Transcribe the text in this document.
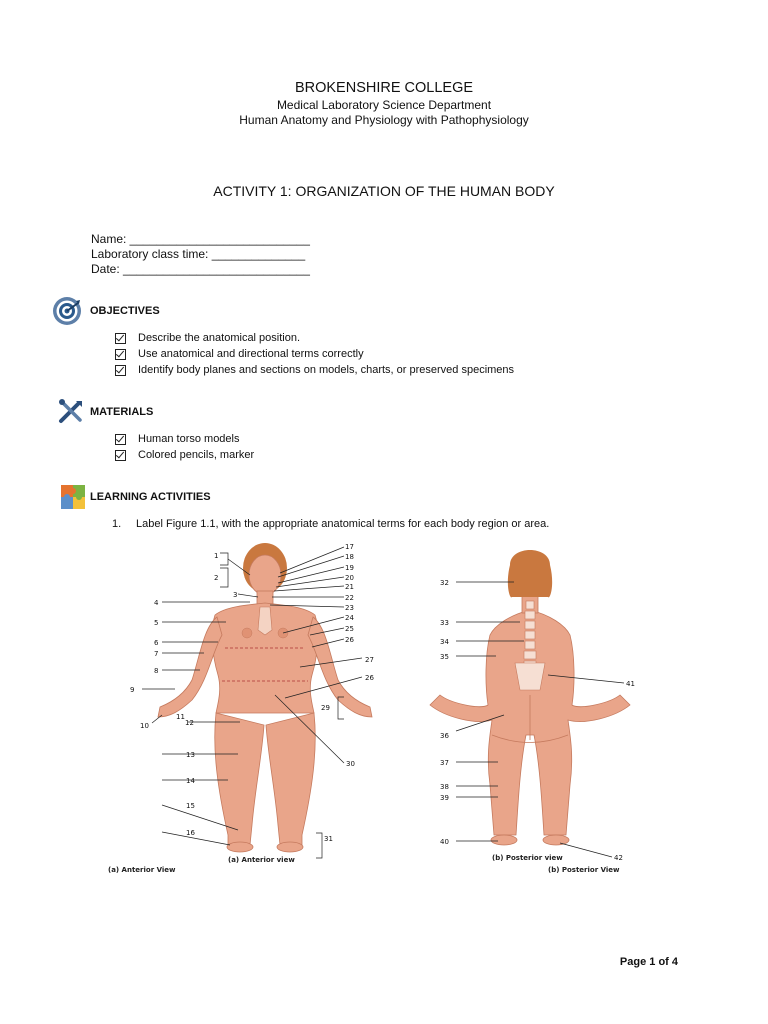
BROKENSHIRE COLLEGE
Medical Laboratory Science Department
Human Anatomy and Physiology with Pathophysiology
ACTIVITY 1: ORGANIZATION OF THE HUMAN BODY
Name: ___________________________
Laboratory class time: ______________
Date: ____________________________
OBJECTIVES
Describe the anatomical position.
Use anatomical and directional terms correctly
Identify body planes and sections on models, charts, or preserved specimens
MATERIALS
Human torso models
Colored pencils, marker
LEARNING ACTIVITIES
1. Label Figure 1.1, with the appropriate anatomical terms for each body region or area.
1
2
3
4
5
6
7
8
9
10
11
12
13
14
15
16
17
18
19
20
21
22
23
24
25
26
27
26
29
30
31
(a) Anterior view
32
33
34
35
36
37
38
39
40
41
42
(b) Posterior view
(a) Anterior View	(b) Posterior View
Page 1 of 4
